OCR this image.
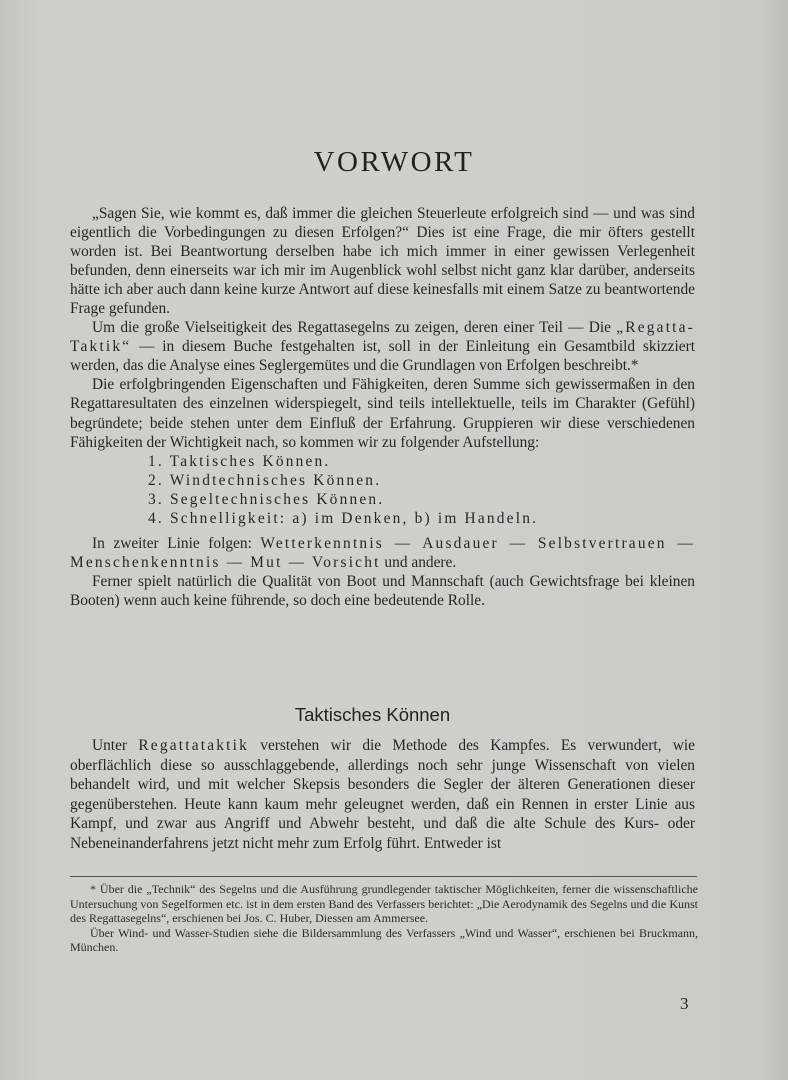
VORWORT

„Sagen Sie, wie kommt es, daß immer die gleichen Steuerleute erfolgreich sind — und was sind eigentlich die Vorbedingungen zu diesen Erfolgen?“ Dies ist eine Frage, die mir öfters gestellt worden ist. Bei Beantwortung derselben habe ich mich immer in einer gewissen Verlegenheit befunden, denn einerseits war ich mir im Augenblick wohl selbst nicht ganz klar darüber, anderseits hätte ich aber auch dann keine kurze Antwort auf diese keinesfalls mit einem Satze zu beantwortende Frage gefunden.

Um die große Vielseitigkeit des Regattasegelns zu zeigen, deren einer Teil — Die „Regatta-Taktik“ — in diesem Buche festgehalten ist, soll in der Einleitung ein Gesamtbild skizziert werden, das die Analyse eines Seglergemütes und die Grundlagen von Erfolgen beschreibt.*

Die erfolgbringenden Eigenschaften und Fähigkeiten, deren Summe sich gewissermaßen in den Regattaresultaten des einzelnen widerspiegelt, sind teils intellektuelle, teils im Charakter (Gefühl) begründete; beide stehen unter dem Einfluß der Erfahrung. Gruppieren wir diese verschiedenen Fähigkeiten der Wichtigkeit nach, so kommen wir zu folgender Aufstellung:

1. Taktisches Können.
2. Windtechnisches Können.
3. Segeltechnisches Können.
4. Schnelligkeit: a) im Denken, b) im Handeln.

In zweiter Linie folgen: Wetterkenntnis — Ausdauer — Selbstvertrauen — Menschenkenntnis — Mut — Vorsicht und andere.

Ferner spielt natürlich die Qualität von Boot und Mannschaft (auch Gewichtsfrage bei kleinen Booten) wenn auch keine führende, so doch eine bedeutende Rolle.

Taktisches Können

Unter Regattataktik verstehen wir die Methode des Kampfes. Es verwundert, wie oberflächlich diese so ausschlaggebende, allerdings noch sehr junge Wissenschaft von vielen behandelt wird, und mit welcher Skepsis besonders die Segler der älteren Generationen dieser gegenüberstehen. Heute kann kaum mehr geleugnet werden, daß ein Rennen in erster Linie aus Kampf, und zwar aus Angriff und Abwehr besteht, und daß die alte Schule des Kurs- oder Nebeneinanderfahrens jetzt nicht mehr zum Erfolg führt. Entweder ist

* Über die „Technik“ des Segelns und die Ausführung grundlegender taktischer Möglichkeiten, ferner die wissenschaftliche Untersuchung von Segelformen etc. ist in dem ersten Band des Verfassers berichtet: „Die Aerodynamik des Segelns und die Kunst des Regattasegelns“, erschienen bei Jos. C. Huber, Diessen am Ammersee.

Über Wind- und Wasser-Studien siehe die Bildersammlung des Verfassers „Wind und Wasser“, erschienen bei Bruckmann, München.

3
